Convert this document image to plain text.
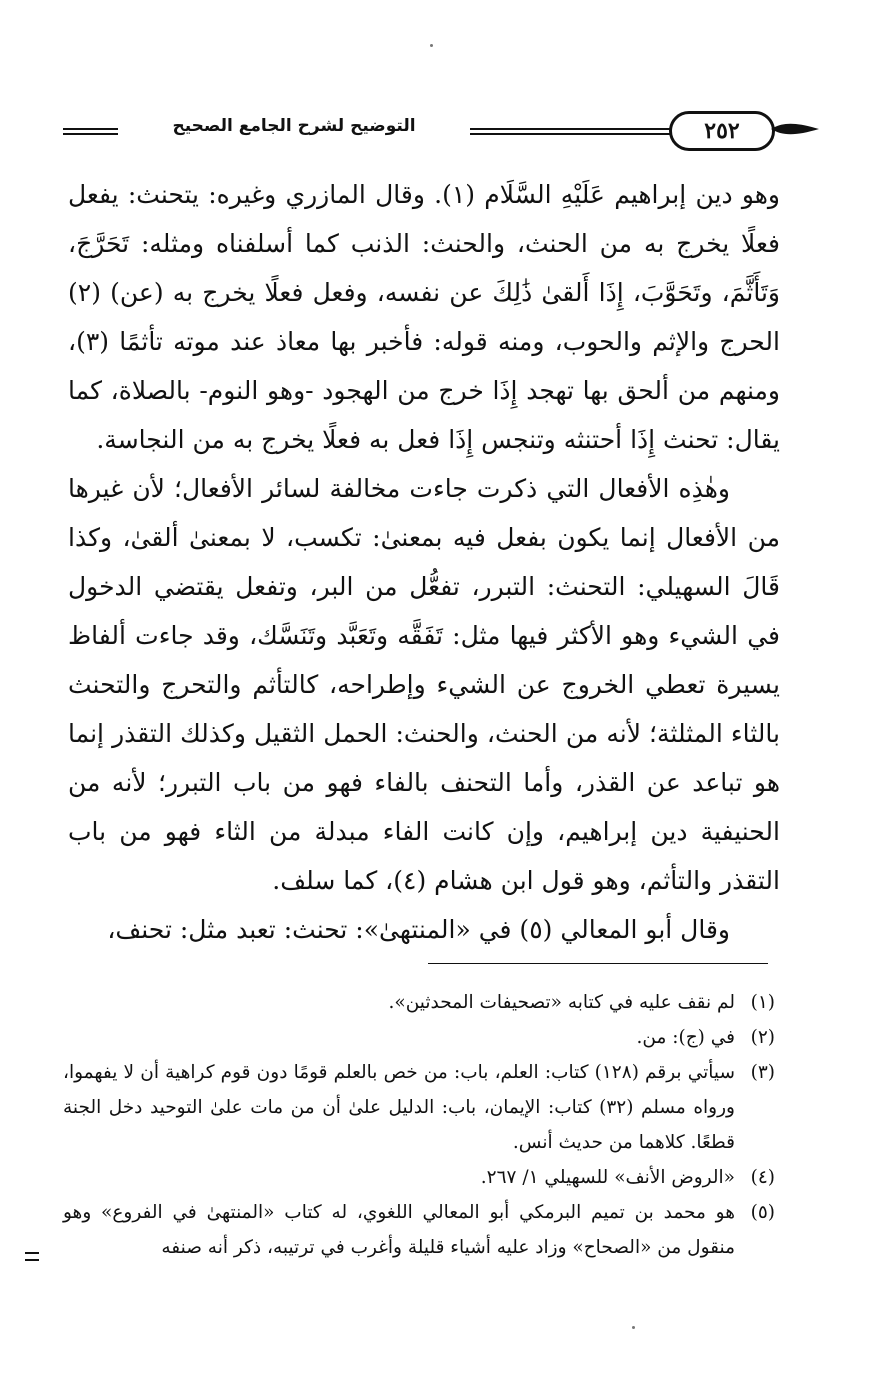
التوضيح لشرح الجامع الصحيح	٢٥٢

وهو دين إبراهيم عَلَيْهِ السَّلَام (١). وقال المازري وغيره: يتحنث: يفعل فعلًا يخرج به من الحنث، والحنث: الذنب كما أسلفناه ومثله: تَحَرَّجَ، وَتَأَثَّمَ، وتَحَوَّبَ، إِذَا أَلقىٰ ذَٰلِكَ عن نفسه، وفعل فعلًا يخرج به (عن) (٢) الحرج والإثم والحوب، ومنه قوله: فأخبر بها معاذ عند موته تأثمًا (٣)، ومنهم من ألحق بها تهجد إِذَا خرج من الهجود -وهو النوم- بالصلاة، كما يقال: تحنث إِذَا أحتنثه وتنجس إِذَا فعل به فعلًا يخرج به من النجاسة.

وهٰذِه الأفعال التي ذكرت جاءت مخالفة لسائر الأفعال؛ لأن غيرها من الأفعال إنما يكون بفعل فيه بمعنىٰ: تكسب، لا بمعنىٰ ألقىٰ، وكذا قَالَ السهيلي: التحنث: التبرر، تفعُّل من البر، وتفعل يقتضي الدخول في الشيء وهو الأكثر فيها مثل: تَفَقَّه وتَعَبَّد وتَنَسَّك، وقد جاءت ألفاظ يسيرة تعطي الخروج عن الشيء وإطراحه، كالتأثم والتحرج والتحنث بالثاء المثلثة؛ لأنه من الحنث، والحنث: الحمل الثقيل وكذلك التقذر إنما هو تباعد عن القذر، وأما التحنف بالفاء فهو من باب التبرر؛ لأنه من الحنيفية دين إبراهيم، وإن كانت الفاء مبدلة من الثاء فهو من باب التقذر والتأثم، وهو قول ابن هشام (٤)، كما سلف.

وقال أبو المعالي (٥) في «المنتهىٰ»: تحنث: تعبد مثل: تحنف،

(١)
لم نقف عليه في كتابه «تصحيفات المحدثين».
(٢)
في (ج): من.
(٣)
سيأتي برقم (١٢٨) كتاب: العلم، باب: من خص بالعلم قومًا دون قوم كراهية أن لا يفهموا، ورواه مسلم (٣٢) كتاب: الإيمان، باب: الدليل علىٰ أن من مات علىٰ التوحيد دخل الجنة قطعًا. كلاهما من حديث أنس.
(٤)
«الروض الأنف» للسهيلي ١/ ٢٦٧.
(٥)
هو محمد بن تميم البرمكي أبو المعالي اللغوي، له كتاب «المنتهىٰ في الفروع» وهو منقول من «الصحاح» وزاد عليه أشياء قليلة وأغرب في ترتيبه، ذكر أنه صنفه
